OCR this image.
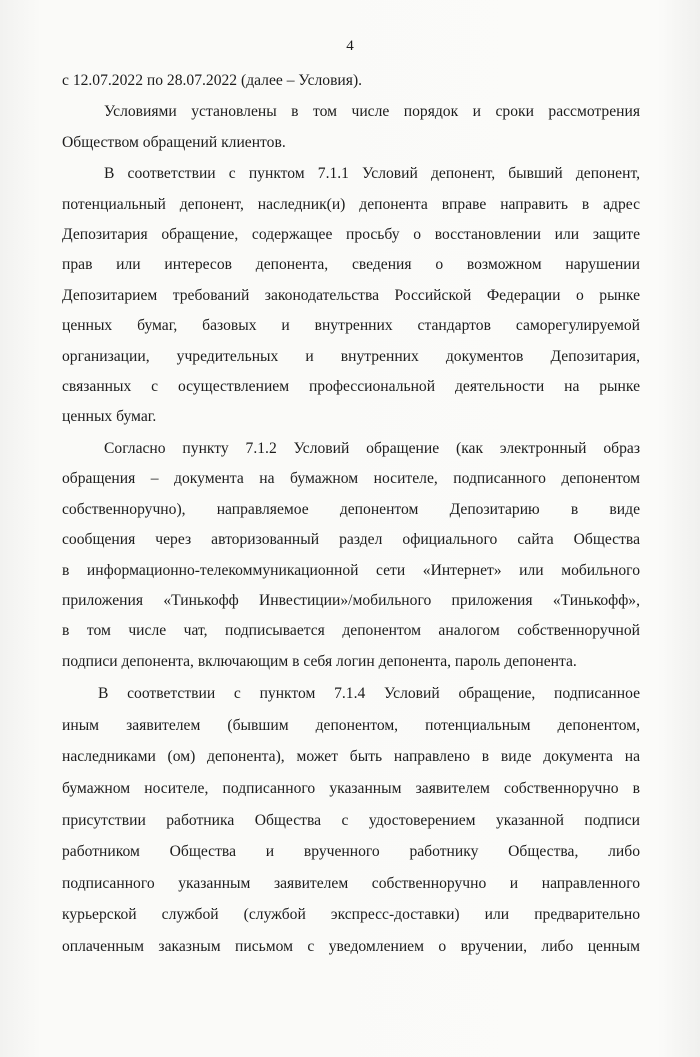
4
с 12.07.2022 по 28.07.2022 (далее – Условия).
Условиями установлены в том числе порядок и сроки рассмотрения
Обществом обращений клиентов.
В соответствии с пунктом 7.1.1 Условий депонент, бывший депонент,
потенциальный депонент, наследник(и) депонента вправе направить в адрес
Депозитария обращение, содержащее просьбу о восстановлении или защите
прав или интересов депонента, сведения о возможном нарушении
Депозитарием требований законодательства Российской Федерации о рынке
ценных бумаг, базовых и внутренних стандартов саморегулируемой
организации, учредительных и внутренних документов Депозитария,
связанных с осуществлением профессиональной деятельности на рынке
ценных бумаг.
Согласно пункту 7.1.2 Условий обращение (как электронный образ
обращения – документа на бумажном носителе, подписанного депонентом
собственноручно), направляемое депонентом Депозитарию в виде
сообщения через авторизованный раздел официального сайта Общества
в информационно-телекоммуникационной сети «Интернет» или мобильного
приложения «Тинькофф Инвестиции»/мобильного приложения «Тинькофф»,
в том числе чат, подписывается депонентом аналогом собственноручной
подписи депонента, включающим в себя логин депонента, пароль депонента.
В соответствии с пунктом 7.1.4 Условий обращение, подписанное
иным заявителем (бывшим депонентом, потенциальным депонентом,
наследниками (ом) депонента), может быть направлено в виде документа на
бумажном носителе, подписанного указанным заявителем собственноручно в
присутствии работника Общества с удостоверением указанной подписи
работником Общества и врученного работнику Общества, либо
подписанного указанным заявителем собственноручно и направленного
курьерской службой (службой экспресс-доставки) или предварительно
оплаченным заказным письмом с уведомлением о вручении, либо ценным
